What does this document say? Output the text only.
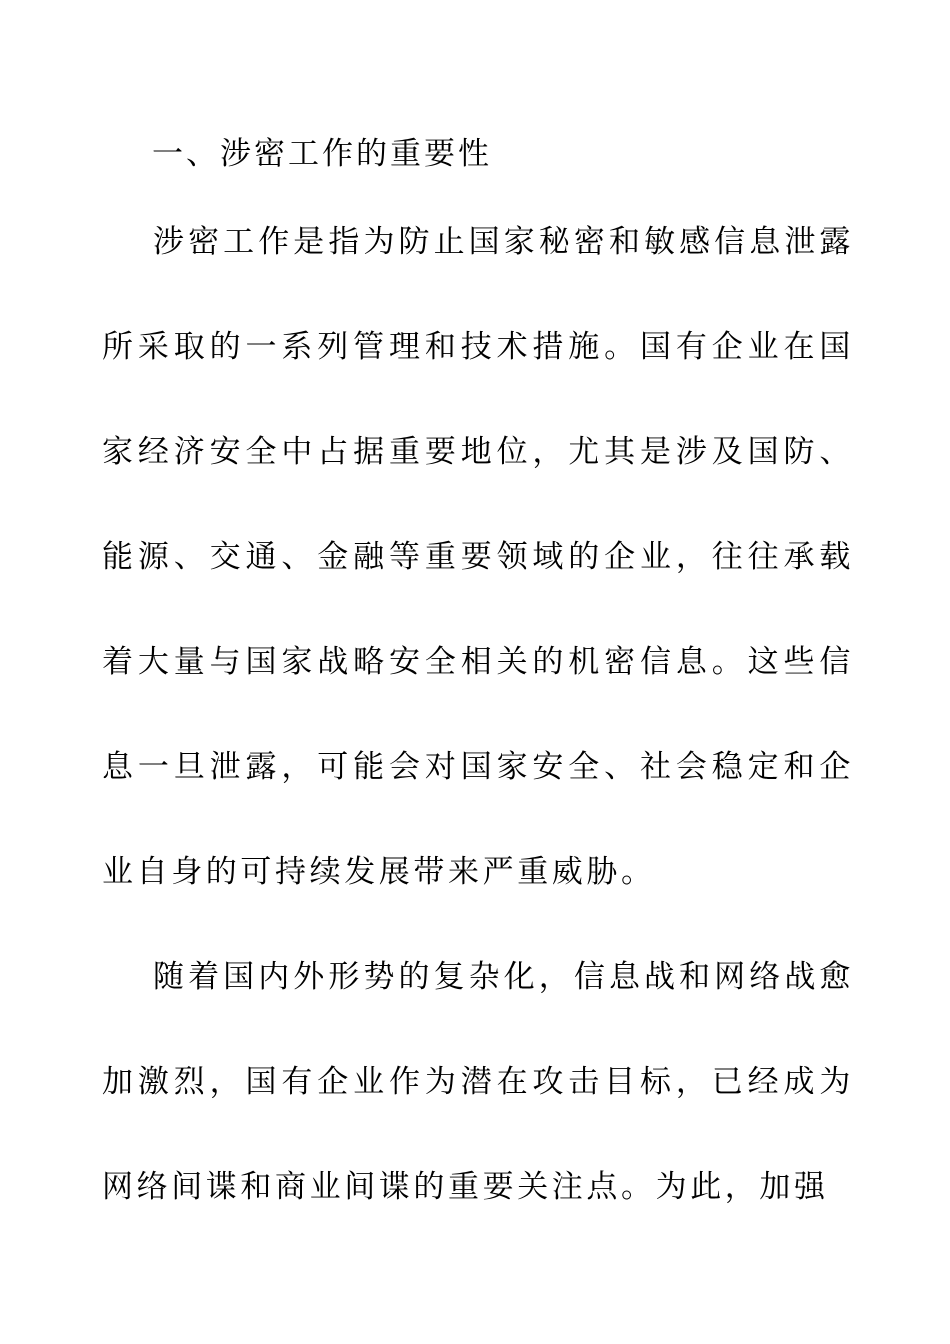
一、涉密工作的重要性

涉密工作是指为防止国家秘密和敏感信息泄露所采取的一系列管理和技术措施。国有企业在国家经济安全中占据重要地位，尤其是涉及国防、能源、交通、金融等重要领域的企业，往往承载着大量与国家战略安全相关的机密信息。这些信息一旦泄露，可能会对国家安全、社会稳定和企业自身的可持续发展带来严重威胁。

随着国内外形势的复杂化，信息战和网络战愈加激烈，国有企业作为潜在攻击目标，已经成为网络间谍和商业间谍的重要关注点。为此，加强
